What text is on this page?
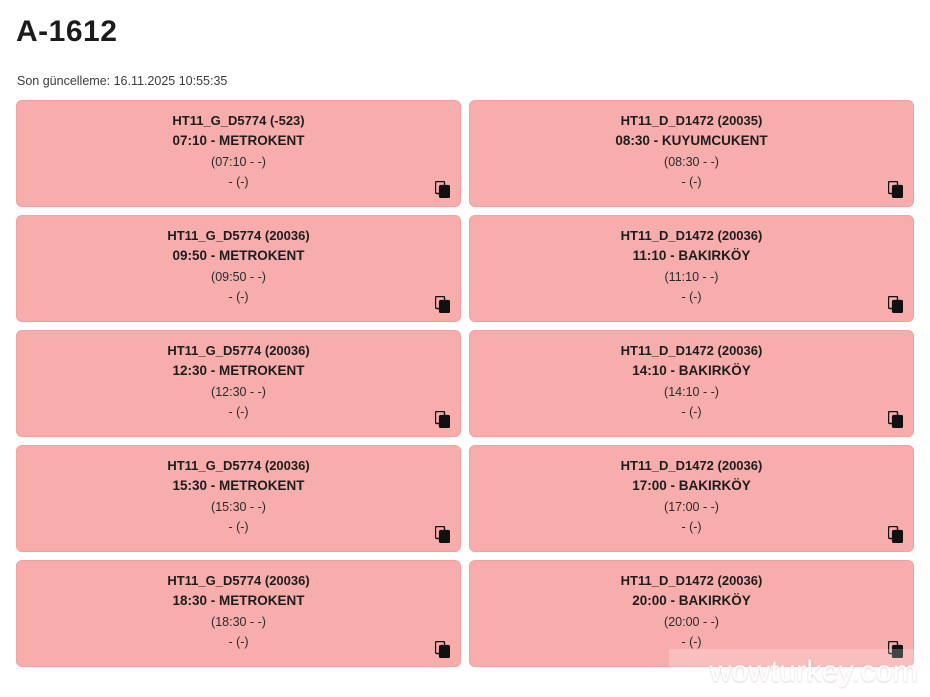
A-1612
Son güncelleme: 16.11.2025 10:55:35
HT11_G_D5774 (-523)
07:10 - METROKENT
(07:10 - -)
- (-)
HT11_D_D1472 (20035)
08:30 - KUYUMCUKENT
(08:30 - -)
- (-)
HT11_G_D5774 (20036)
09:50 - METROKENT
(09:50 - -)
- (-)
HT11_D_D1472 (20036)
11:10 - BAKIRKÖY
(11:10 - -)
- (-)
HT11_G_D5774 (20036)
12:30 - METROKENT
(12:30 - -)
- (-)
HT11_D_D1472 (20036)
14:10 - BAKIRKÖY
(14:10 - -)
- (-)
HT11_G_D5774 (20036)
15:30 - METROKENT
(15:30 - -)
- (-)
HT11_D_D1472 (20036)
17:00 - BAKIRKÖY
(17:00 - -)
- (-)
HT11_G_D5774 (20036)
18:30 - METROKENT
(18:30 - -)
- (-)
HT11_D_D1472 (20036)
20:00 - BAKIRKÖY
(20:00 - -)
- (-)
wowturkey.com
